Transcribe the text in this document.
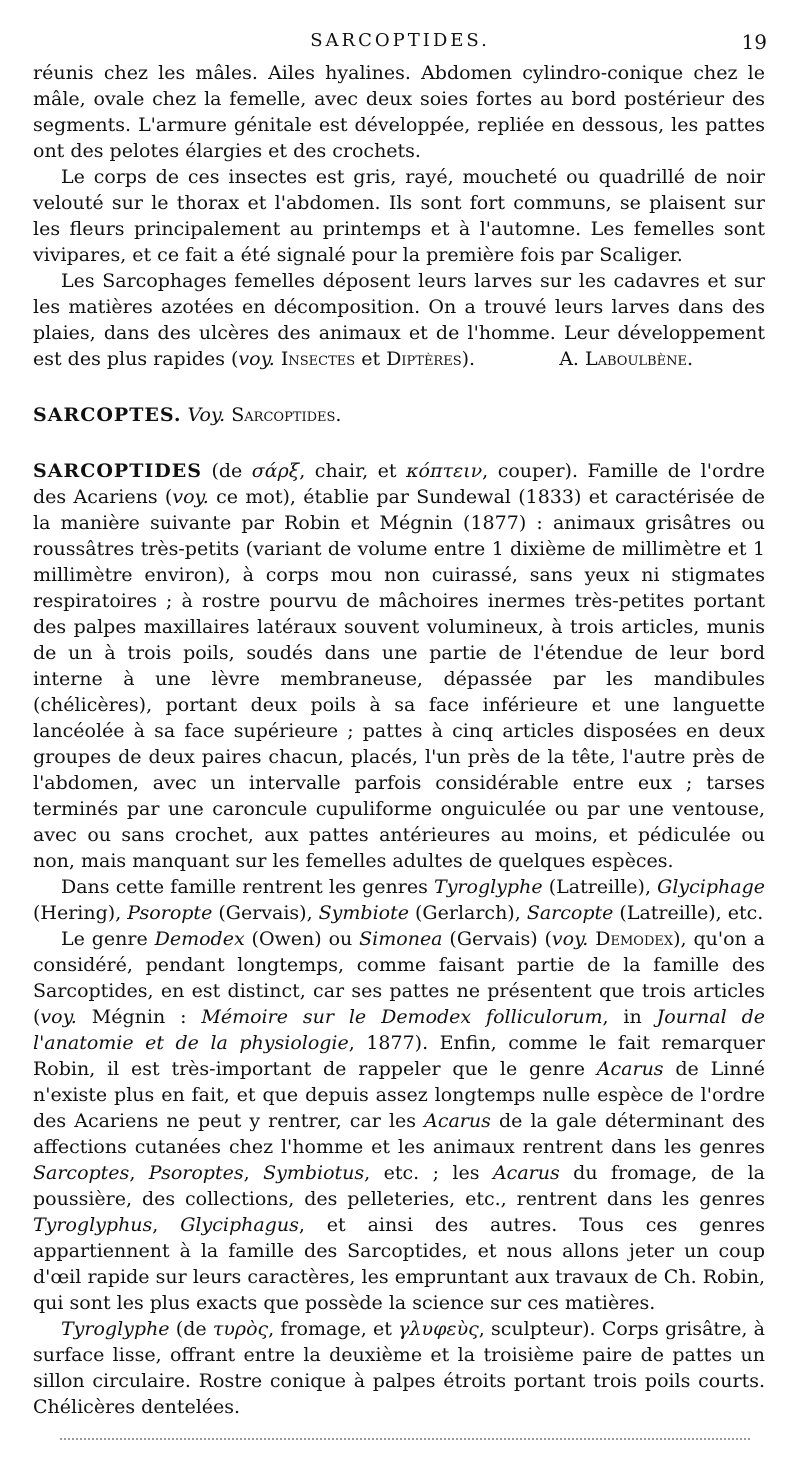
SARCOPTIDES.	19

réunis chez les mâles. Ailes hyalines. Abdomen cylindro-conique chez le mâle, ovale chez la femelle, avec deux soies fortes au bord postérieur des segments. L'armure génitale est développée, repliée en dessous, les pattes ont des pelotes élargies et des crochets.

Le corps de ces insectes est gris, rayé, moucheté ou quadrillé de noir velouté sur le thorax et l'abdomen. Ils sont fort communs, se plaisent sur les fleurs principalement au printemps et à l'automne. Les femelles sont vivipares, et ce fait a été signalé pour la première fois par Scaliger.

Les Sarcophages femelles déposent leurs larves sur les cadavres et sur les matières azotées en décomposition. On a trouvé leurs larves dans des plaies, dans des ulcères des animaux et de l'homme. Leur développement est des plus rapides (voy. Insectes et Diptères).	A. Laboulbène.

SARCOPTES. Voy. Sarcoptides.

SARCOPTIDES (de σάρξ, chair, et κόπτειν, couper). Famille de l'ordre des Acariens (voy. ce mot), établie par Sundewal (1833) et caractérisée de la manière suivante par Robin et Mégnin (1877) : animaux grisâtres ou roussâtres très-petits (variant de volume entre 1 dixième de millimètre et 1 millimètre environ), à corps mou non cuirassé, sans yeux ni stigmates respiratoires ; à rostre pourvu de mâchoires inermes très-petites portant des palpes maxillaires latéraux souvent volumineux, à trois articles, munis de un à trois poils, soudés dans une partie de l'étendue de leur bord interne à une lèvre membraneuse, dépassée par les mandibules (chélicères), portant deux poils à sa face inférieure et une languette lancéolée à sa face supérieure ; pattes à cinq articles disposées en deux groupes de deux paires chacun, placés, l'un près de la tête, l'autre près de l'abdomen, avec un intervalle parfois considérable entre eux ; tarses terminés par une caroncule cupuliforme onguiculée ou par une ventouse, avec ou sans crochet, aux pattes antérieures au moins, et pédiculée ou non, mais manquant sur les femelles adultes de quelques espèces.

Dans cette famille rentrent les genres Tyroglyphe (Latreille), Glyciphage (Hering), Psoropte (Gervais), Symbiote (Gerlarch), Sarcopte (Latreille), etc.

Le genre Demodex (Owen) ou Simonea (Gervais) (voy. Demodex), qu'on a considéré, pendant longtemps, comme faisant partie de la famille des Sarcoptides, en est distinct, car ses pattes ne présentent que trois articles (voy. Mégnin : Mémoire sur le Demodex folliculorum, in Journal de l'anatomie et de la physiologie, 1877). Enfin, comme le fait remarquer Robin, il est très-important de rappeler que le genre Acarus de Linné n'existe plus en fait, et que depuis assez longtemps nulle espèce de l'ordre des Acariens ne peut y rentrer, car les Acarus de la gale déterminant des affections cutanées chez l'homme et les animaux rentrent dans les genres Sarcoptes, Psoroptes, Symbiotus, etc. ; les Acarus du fromage, de la poussière, des collections, des pelleteries, etc., rentrent dans les genres Tyroglyphus, Glyciphagus, et ainsi des autres. Tous ces genres appartiennent à la famille des Sarcoptides, et nous allons jeter un coup d'œil rapide sur leurs caractères, les empruntant aux travaux de Ch. Robin, qui sont les plus exacts que possède la science sur ces matières.

Tyroglyphe (de τυρὸς, fromage, et γλυφεὺς, sculpteur). Corps grisâtre, à surface lisse, offrant entre la deuxième et la troisième paire de pattes un sillon circulaire. Rostre conique à palpes étroits portant trois poils courts. Chélicères dentelées.
